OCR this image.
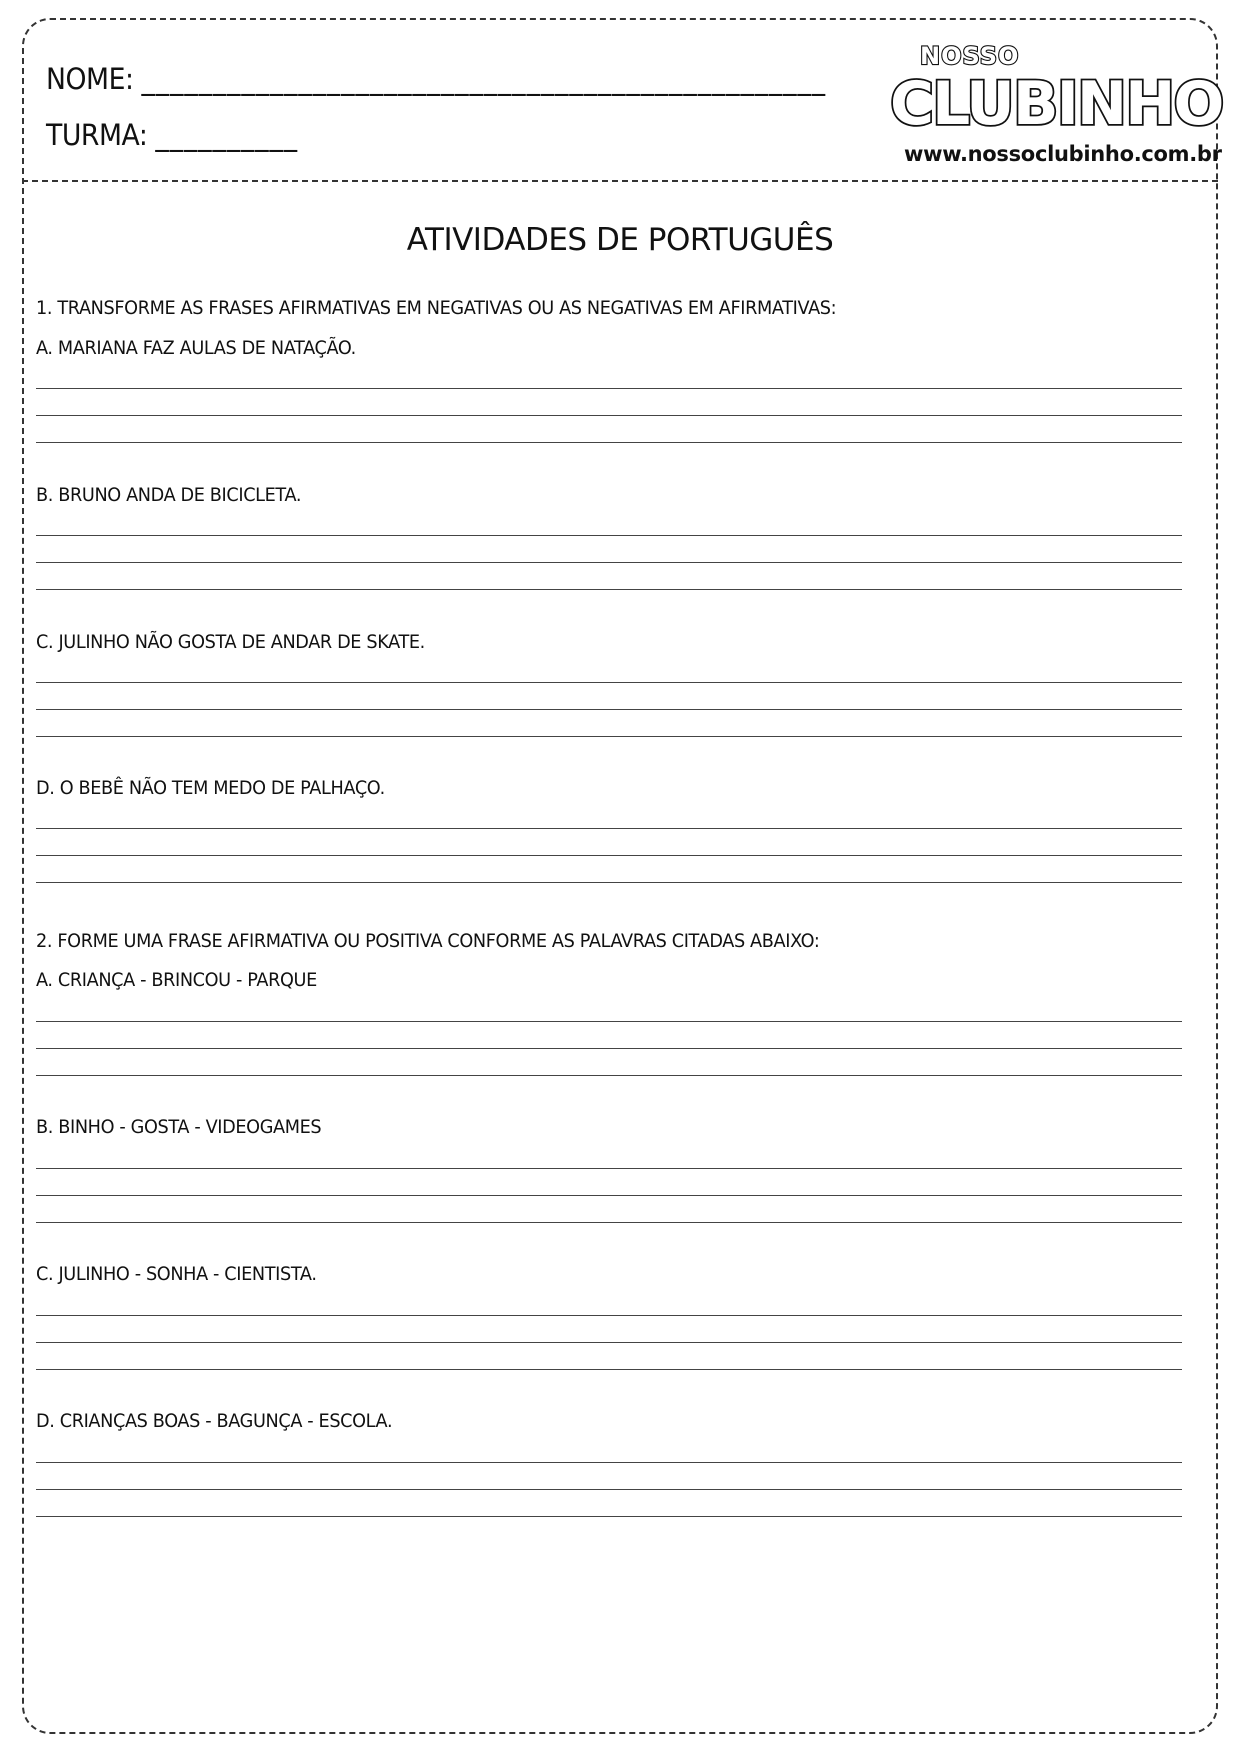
NOME: ________________________________________________
TURMA: __________
NOSSO
CLUBINHO
www.nossoclubinho.com.br
ATIVIDADES DE PORTUGUÊS
1. TRANSFORME AS FRASES AFIRMATIVAS EM NEGATIVAS OU AS NEGATIVAS EM AFIRMATIVAS:
A. MARIANA FAZ AULAS DE NATAÇÃO.
B. BRUNO ANDA DE BICICLETA.
C. JULINHO NÃO GOSTA DE ANDAR DE SKATE.
D. O BEBÊ NÃO TEM MEDO DE PALHAÇO.
2. FORME UMA FRASE AFIRMATIVA OU POSITIVA CONFORME AS PALAVRAS CITADAS ABAIXO:
A. CRIANÇA - BRINCOU - PARQUE
B. BINHO - GOSTA - VIDEOGAMES
C. JULINHO - SONHA - CIENTISTA.
D. CRIANÇAS BOAS - BAGUNÇA - ESCOLA.
